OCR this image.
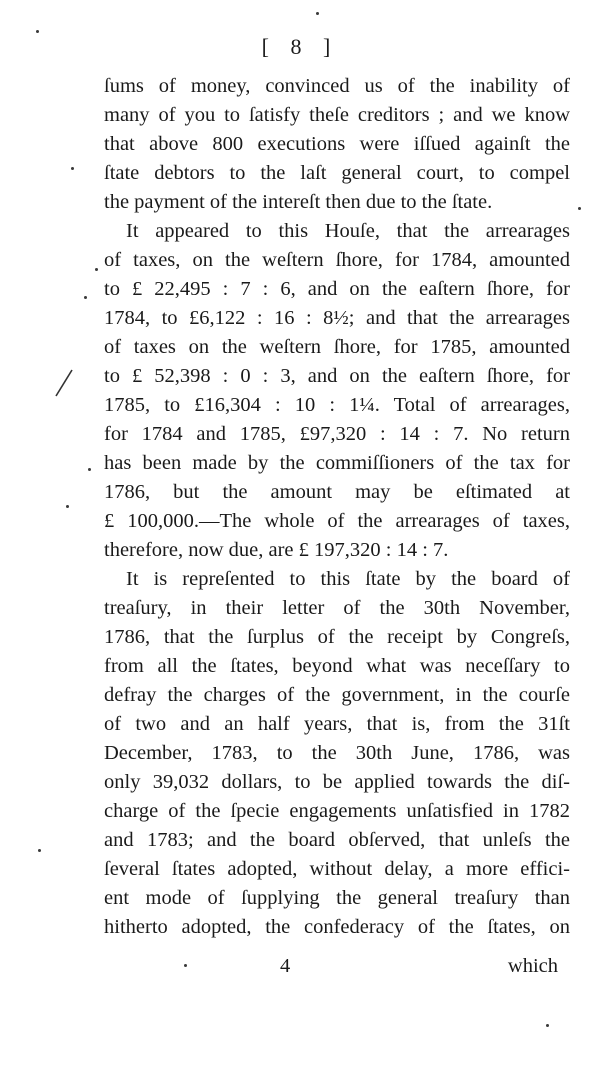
[ 8 ]
ſums of money, convinced us of the inability of
many of you to ſatisfy theſe creditors ; and we know
that above 800 executions were iſſued againſt the
ſtate debtors to the laſt general court, to compel
the payment of the intereſt then due to the ſtate.
It appeared to this Houſe, that the arrearages
of taxes, on the weſtern ſhore, for 1784, amounted
to £ 22,495 : 7 : 6, and on the eaſtern ſhore, for
1784, to £6,122 : 16 : 8½; and that the arrearages
of taxes on the weſtern ſhore, for 1785, amounted
to £ 52,398 : 0 : 3, and on the eaſtern ſhore, for
1785, to £16,304 : 10 : 1¼. Total of arrearages,
for 1784 and 1785, £97,320 : 14 : 7. No return
has been made by the commiſſioners of the tax for
1786, but the amount may be eſtimated at
£ 100,000.—The whole of the arrearages of taxes,
therefore, now due, are £ 197,320 : 14 : 7.
It is repreſented to this ſtate by the board of
treaſury, in their letter of the 30th November,
1786, that the ſurplus of the receipt by Congreſs,
from all the ſtates, beyond what was neceſſary to
defray the charges of the government, in the courſe
of two and an half years, that is, from the 31ſt
December, 1783, to the 30th June, 1786, was
only 39,032 dollars, to be applied towards the diſ-
charge of the ſpecie engagements unſatisfied in 1782
and 1783; and the board obſerved, that unleſs the
ſeveral ſtates adopted, without delay, a more effici-
ent mode of ſupplying the general treaſury than
hitherto adopted, the confederacy of the ſtates, on
4	which
